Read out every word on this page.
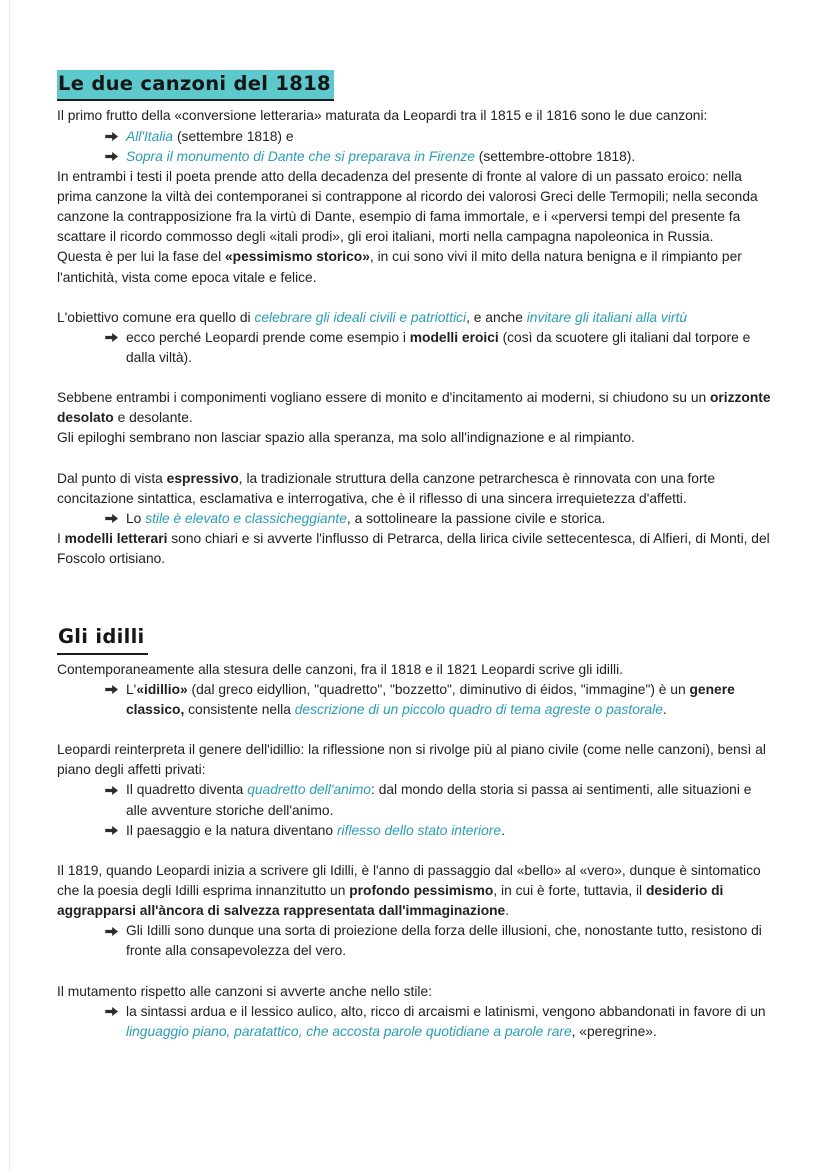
Le due canzoni del 1818

Il primo frutto della «conversione letteraria» maturata da Leopardi tra il 1815 e il 1816 sono le due canzoni:

All'Italia (settembre 1818) e
Sopra il monumento di Dante che si preparava in Firenze (settembre-ottobre 1818).

In entrambi i testi il poeta prende atto della decadenza del presente di fronte al valore di un passato eroico: nella prima canzone la viltà dei contemporanei si contrappone al ricordo dei valorosi Greci delle Termopili; nella seconda canzone la contrapposizione fra la virtù di Dante, esempio di fama immortale, e i «perversi tempi del presente fa scattare il ricordo commosso degli «itali prodi», gli eroi italiani, morti nella campagna napoleonica in Russia.

Questa è per lui la fase del «pessimismo storico», in cui sono vivi il mito della natura benigna e il rimpianto per l'antichità, vista come epoca vitale e felice.

L'obiettivo comune era quello di celebrare gli ideali civili e patriottici, e anche invitare gli italiani alla virtù

ecco perché Leopardi prende come esempio i modelli eroici (così da scuotere gli italiani dal torpore e dalla viltà).

Sebbene entrambi i componimenti vogliano essere di monito e d'incitamento ai moderni, si chiudono su un orizzonte desolato e desolante.

Gli epiloghi sembrano non lasciar spazio alla speranza, ma solo all'indignazione e al rimpianto.

Dal punto di vista espressivo, la tradizionale struttura della canzone petrarchesca è rinnovata con una forte concitazione sintattica, esclamativa e interrogativa, che è il riflesso di una sincera irrequietezza d'affetti.

Lo stile è elevato e classicheggiante, a sottolineare la passione civile e storica.

I modelli letterari sono chiari e si avverte l'influsso di Petrarca, della lirica civile settecentesca, di Alfieri, di Monti, del Foscolo ortisiano.

Gli idilli

Contemporaneamente alla stesura delle canzoni, fra il 1818 e il 1821 Leopardi scrive gli idilli.

L'«idillio» (dal greco eidyllion, "quadretto", "bozzetto", diminutivo di éidos, "immagine") è un genere classico, consistente nella descrizione di un piccolo quadro di tema agreste o pastorale.

Leopardi reinterpreta il genere dell'idillio: la riflessione non si rivolge più al piano civile (come nelle canzoni), bensì al piano degli affetti privati:

Il quadretto diventa quadretto dell'animo: dal mondo della storia si passa ai sentimenti, alle situazioni e alle avventure storiche dell'animo.
Il paesaggio e la natura diventano riflesso dello stato interiore.

Il 1819, quando Leopardi inizia a scrivere gli Idilli, è l'anno di passaggio dal «bello» al «vero», dunque è sintomatico che la poesia degli Idilli esprima innanzitutto un profondo pessimismo, in cui è forte, tuttavia, il desiderio di aggrapparsi all'àncora di salvezza rappresentata dall'immaginazione.

Gli Idilli sono dunque una sorta di proiezione della forza delle illusioni, che, nonostante tutto, resistono di fronte alla consapevolezza del vero.

Il mutamento rispetto alle canzoni si avverte anche nello stile:

la sintassi ardua e il lessico aulico, alto, ricco di arcaismi e latinismi, vengono abbandonati in favore di un linguaggio piano, paratattico, che accosta parole quotidiane a parole rare, «peregrine».
